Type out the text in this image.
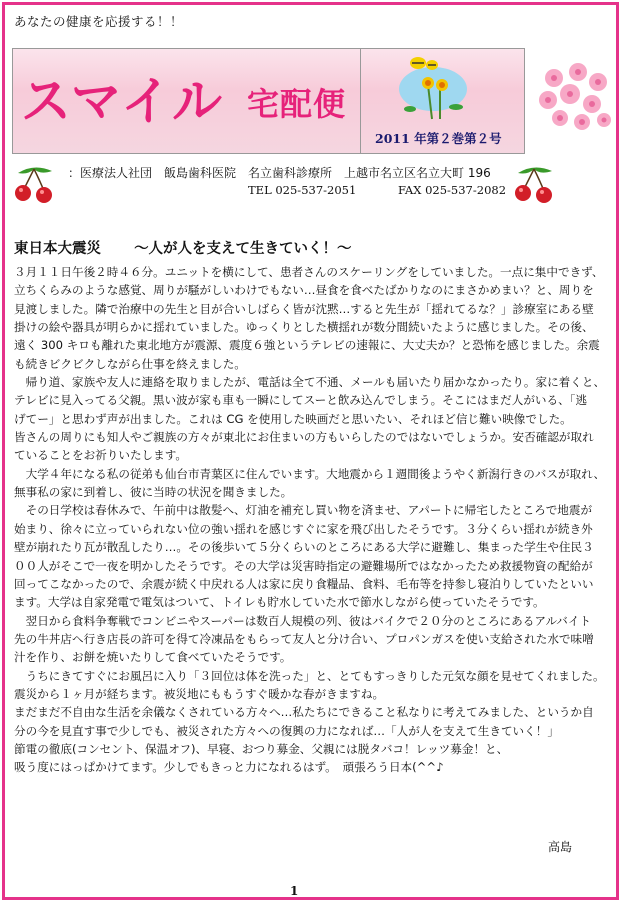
あなたの健康を応援する！！
スマイル 宅配便
2011 年第２巻第２号
：医療法人社団　飯島歯科医院　名立歯科診療所　上越市名立区名立大町 196
TEL 025-537-2051	FAX 025-537-2082
東日本大震災 ～人が人を支えて生きていく！～

３月１１日午後２時４６分。ユニットを横にして、患者さんのスケーリングをしていました。一点に集中できず、

立ちくらみのような感覚、周りが騒がしいわけでもない…昼食を食べたばかりなのにまさかめまい？と、周りを

見渡しました。隣で治療中の先生と目が合いしばらく皆が沈黙…すると先生が「揺れてるな？」診療室にある壁

掛けの絵や器具が明らかに揺れていました。ゆっくりとした横揺れが数分間続いたように感じました。その後、

遠く 300 キロも離れた東北地方が震源、震度６強というテレビの速報に、大丈夫か？と恐怖を感じました。余震

も続きビクビクしながら仕事を終えました。

　帰り道、家族や友人に連絡を取りましたが、電話は全て不通、メールも届いたり届かなかったり。家に着くと、

テレビに見入ってる父親。黒い波が家も車も一瞬にしてスーと飲み込んでしまう。そこにはまだ人がいる、「逃

げてー」と思わず声が出ました。これは CG を使用した映画だと思いたい、それほど信じ難い映像でした。

皆さんの周りにも知人やご親族の方々が東北にお住まいの方もいらしたのではないでしょうか。安否確認が取れ

ていることをお祈りいたします。

　大学４年になる私の従弟も仙台市青葉区に住んでいます。大地震から１週間後ようやく新潟行きのバスが取れ、

無事私の家に到着し、彼に当時の状況を聞きました。

　その日学校は春休みで、午前中は散髪へ、灯油を補充し買い物を済ませ、アパートに帰宅したところで地震が

始まり、徐々に立っていられない位の強い揺れを感じすぐに家を飛び出したそうです。３分くらい揺れが続き外

壁が崩れたり瓦が散乱したり…。その後歩いて５分くらいのところにある大学に避難し、集まった学生や住民３

００人がそこで一夜を明かしたそうです。その大学は災害時指定の避難場所ではなかったため救援物資の配給が

回ってこなかったので、余震が続く中戻れる人は家に戻り食糧品、食料、毛布等を持参し寝泊りしていたといい

ます。大学は自家発電で電気はついて、トイレも貯水していた水で節水しながら使っていたそうです。

　翌日から食料争奪戦でコンビニやスーパーは数百人規模の列、彼はバイクで２０分のところにあるアルバイト

先の牛丼店へ行き店長の許可を得て冷凍品をもらって友人と分け合い、プロパンガスを使い支給された水で味噌

汁を作り、お餅を焼いたりして食べていたそうです。

　うちにきてすぐにお風呂に入り「３回位は体を洗った」と、とてもすっきりした元気な顔を見せてくれました。

震災から１ヶ月が経ちます。被災地にももうすぐ暖かな春がきますね。

まだまだ不自由な生活を余儀なくされている方々へ…私たちにできること私なりに考えてみました、というか自

分の今を見直す事で少しでも、被災された方々への復興の力になれば…「人が人を支えて生きていく！」

節電の徹底(コンセント、保温オフ)、早寝、おつり募金、父親には脱タバコ！レッツ募金！と、

吸う度にはっぱかけてます。少しでもきっと力になれるはず。　頑張ろう日本(^^♪

高島
1
